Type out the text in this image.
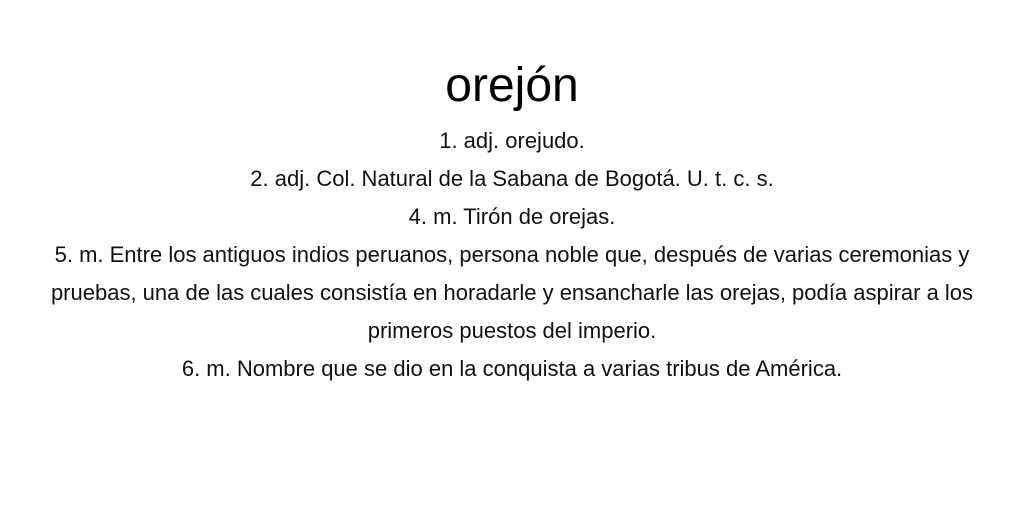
orejón

1. adj. orejudo.

2. adj. Col. Natural de la Sabana de Bogotá. U. t. c. s.

4. m. Tirón de orejas.

5. m. Entre los antiguos indios peruanos, persona noble que, después de varias ceremonias y pruebas, una de las cuales consistía en horadarle y ensancharle las orejas, podía aspirar a los primeros puestos del imperio.

6. m. Nombre que se dio en la conquista a varias tribus de América.
